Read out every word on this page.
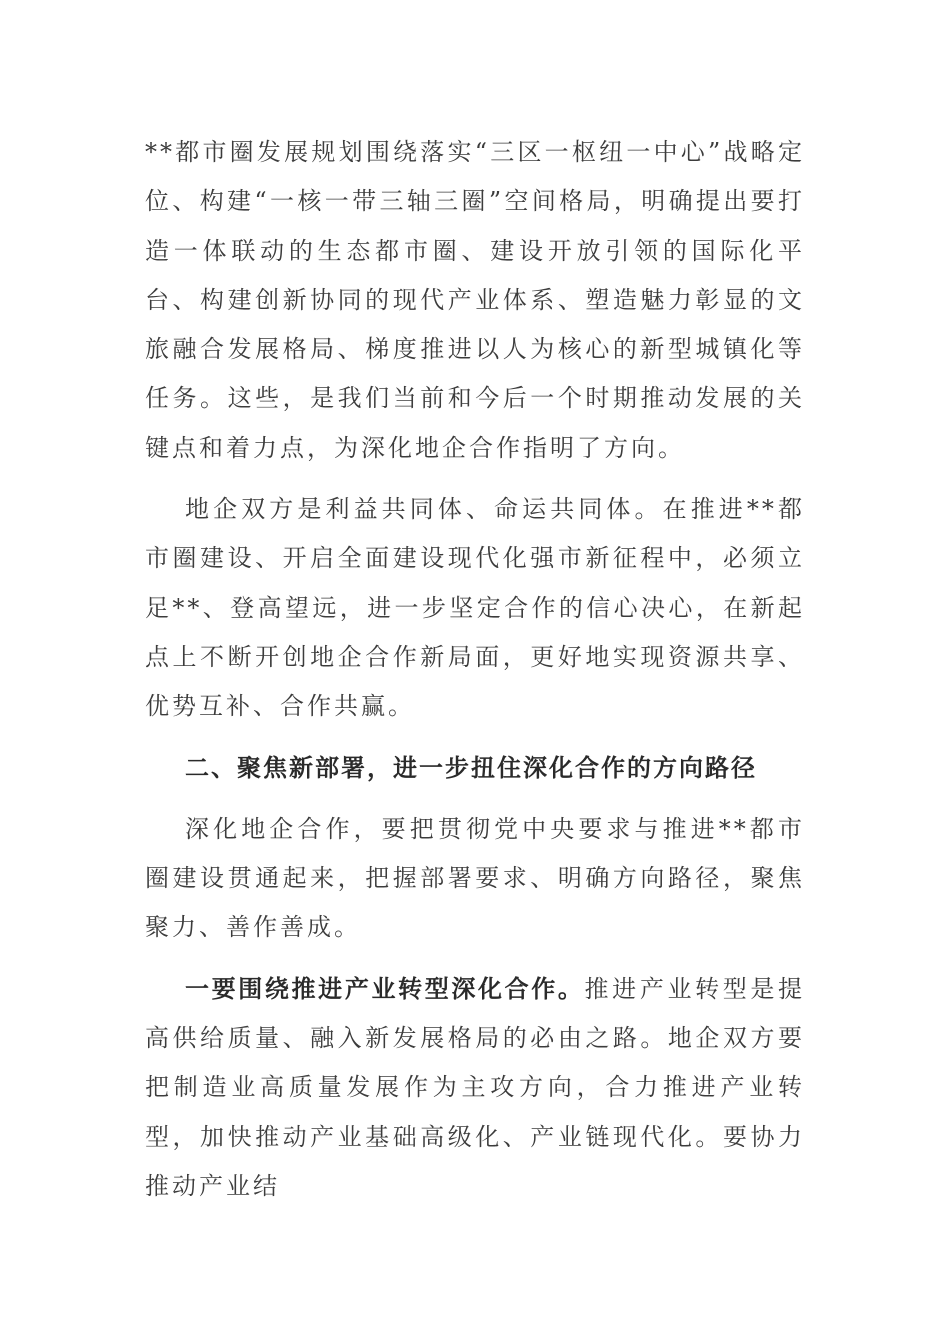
**都市圈发展规划围绕落实“三区一枢纽一中心”战略定位、构建“一核一带三轴三圈”空间格局，明确提出要打造一体联动的生态都市圈、建设开放引领的国际化平台、构建创新协同的现代产业体系、塑造魅力彰显的文旅融合发展格局、梯度推进以人为核心的新型城镇化等任务。这些，是我们当前和今后一个时期推动发展的关键点和着力点，为深化地企合作指明了方向。

地企双方是利益共同体、命运共同体。在推进**都市圈建设、开启全面建设现代化强市新征程中，必须立足**、登高望远，进一步坚定合作的信心决心，在新起点上不断开创地企合作新局面，更好地实现资源共享、优势互补、合作共赢。

二、聚焦新部署，进一步扭住深化合作的方向路径

深化地企合作，要把贯彻党中央要求与推进**都市圈建设贯通起来，把握部署要求、明确方向路径，聚焦聚力、善作善成。

一要围绕推进产业转型深化合作。推进产业转型是提高供给质量、融入新发展格局的必由之路。地企双方要把制造业高质量发展作为主攻方向，合力推进产业转型，加快推动产业基础高级化、产业链现代化。要协力推动产业结
